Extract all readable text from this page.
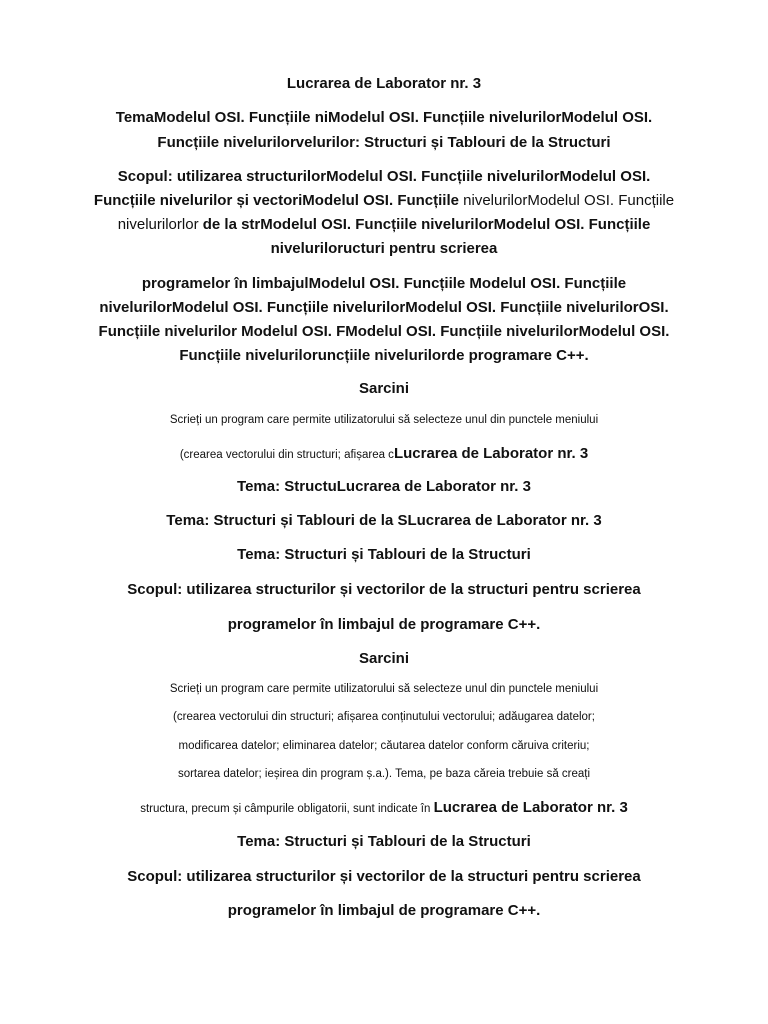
Lucrarea de Laborator nr. 3
TemaModelul OSI. Funcțiile niModelul OSI. Funcțiile nivelurilorModelul OSI.
Funcțiile nivelurilorvelurilor: Structuri și Tablouri de la Structuri
Scopul: utilizarea structurilorModelul OSI. Funcțiile nivelurilorModelul OSI.
Funcțiile nivelurilor și vectoriModelul OSI. Funcțiile nivelurilorModelul OSI. Funcțiile
nivelurilorlor de la strModelul OSI. Funcțiile nivelurilorModelul OSI. Funcțiile
niveluriloructuri pentru scrierea
programelor în limbajulModelul OSI. Funcțiile Modelul OSI. Funcțiile
nivelurilorModelul OSI. Funcțiile nivelurilorModelul OSI. Funcțiile nivelurilorOSI.
Funcțiile nivelurilor Modelul OSI. FModelul OSI. Funcțiile nivelurilorModelul OSI.
Funcțiile niveluriloruncțiile nivelurilorde programare C++.
Sarcini
Scrieți un program care permite utilizatorului să selecteze unul din punctele meniului
(crearea vectorului din structuri; afișarea cLucrarea de Laborator nr. 3
Tema: StructuLucrarea de Laborator nr. 3
Tema: Structuri și Tablouri de la SLucrarea de Laborator nr. 3
Tema: Structuri și Tablouri de la Structuri
Scopul: utilizarea structurilor și vectorilor de la structuri pentru scrierea
programelor în limbajul de programare C++.
Sarcini
Scrieți un program care permite utilizatorului să selecteze unul din punctele meniului
(crearea vectorului din structuri; afișarea conținutului vectorului; adăugarea datelor;
modificarea datelor; eliminarea datelor; căutarea datelor conform căruiva criteriu;
sortarea datelor; ieșirea din program ș.a.). Tema, pe baza căreia trebuie să creați
structura, precum și câmpurile obligatorii, sunt indicate în Lucrarea de Laborator nr. 3
Tema: Structuri și Tablouri de la Structuri
Scopul: utilizarea structurilor și vectorilor de la structuri pentru scrierea
programelor în limbajul de programare C++.
